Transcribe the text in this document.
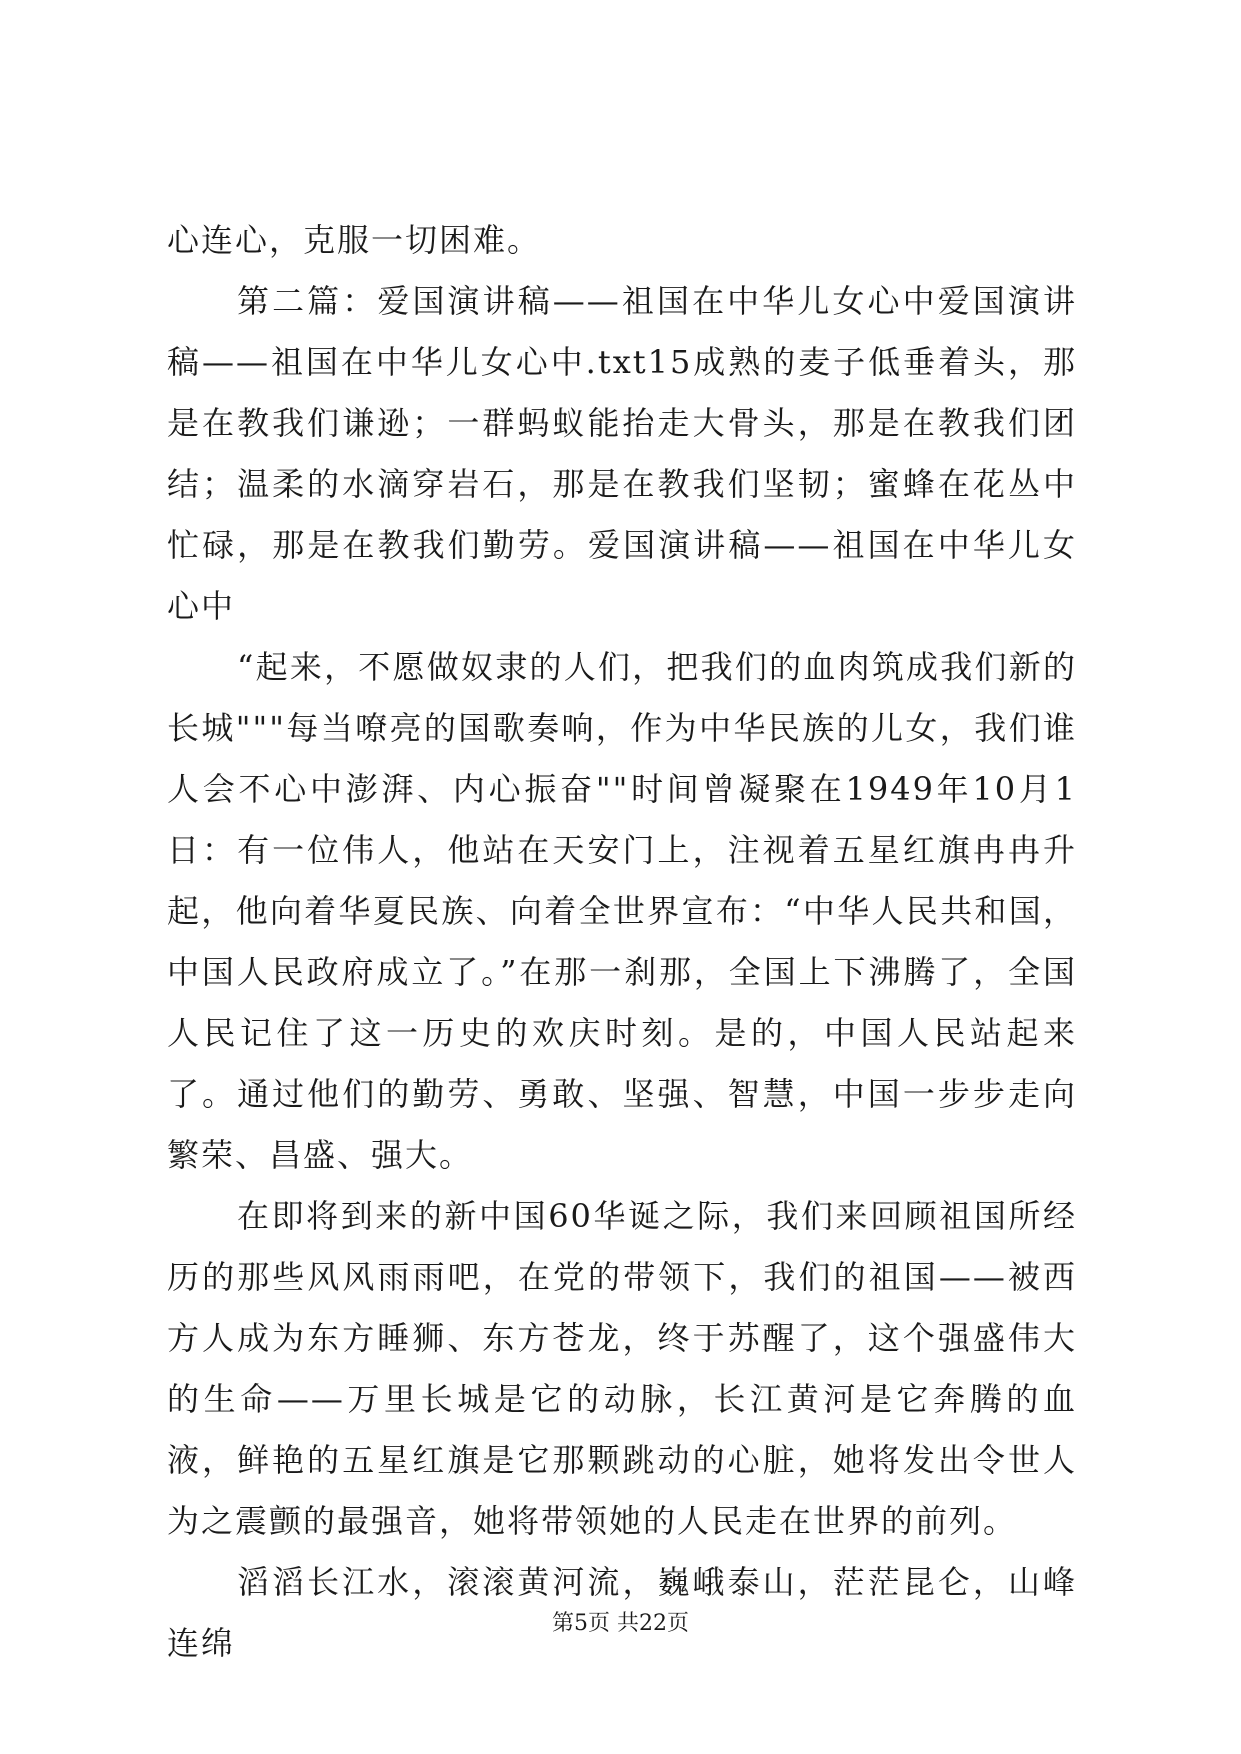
心连心，克服一切困难。

第二篇：爱国演讲稿——祖国在中华儿女心中爱国演讲稿——祖国在中华儿女心中.txt15成熟的麦子低垂着头，那是在教我们谦逊；一群蚂蚁能抬走大骨头，那是在教我们团结；温柔的水滴穿岩石，那是在教我们坚韧；蜜蜂在花丛中忙碌，那是在教我们勤劳。爱国演讲稿——祖国在中华儿女心中

“起来，不愿做奴隶的人们，把我们的血肉筑成我们新的长城"""每当嘹亮的国歌奏响，作为中华民族的儿女，我们谁人会不心中澎湃、内心振奋""时间曾凝聚在1949年10月1日：有一位伟人，他站在天安门上，注视着五星红旗冉冉升起，他向着华夏民族、向着全世界宣布：“中华人民共和国，中国人民政府成立了。”在那一刹那，全国上下沸腾了，全国人民记住了这一历史的欢庆时刻。是的，中国人民站起来了。通过他们的勤劳、勇敢、坚强、智慧，中国一步步走向繁荣、昌盛、强大。

在即将到来的新中国60华诞之际，我们来回顾祖国所经历的那些风风雨雨吧，在党的带领下，我们的祖国——被西方人成为东方睡狮、东方苍龙，终于苏醒了，这个强盛伟大的生命——万里长城是它的动脉，长江黄河是它奔腾的血液，鲜艳的五星红旗是它那颗跳动的心脏，她将发出令世人为之震颤的最强音，她将带领她的人民走在世界的前列。

滔滔长江水，滚滚黄河流，巍峨泰山，茫茫昆仑，山峰连绵

第5页 共22页
